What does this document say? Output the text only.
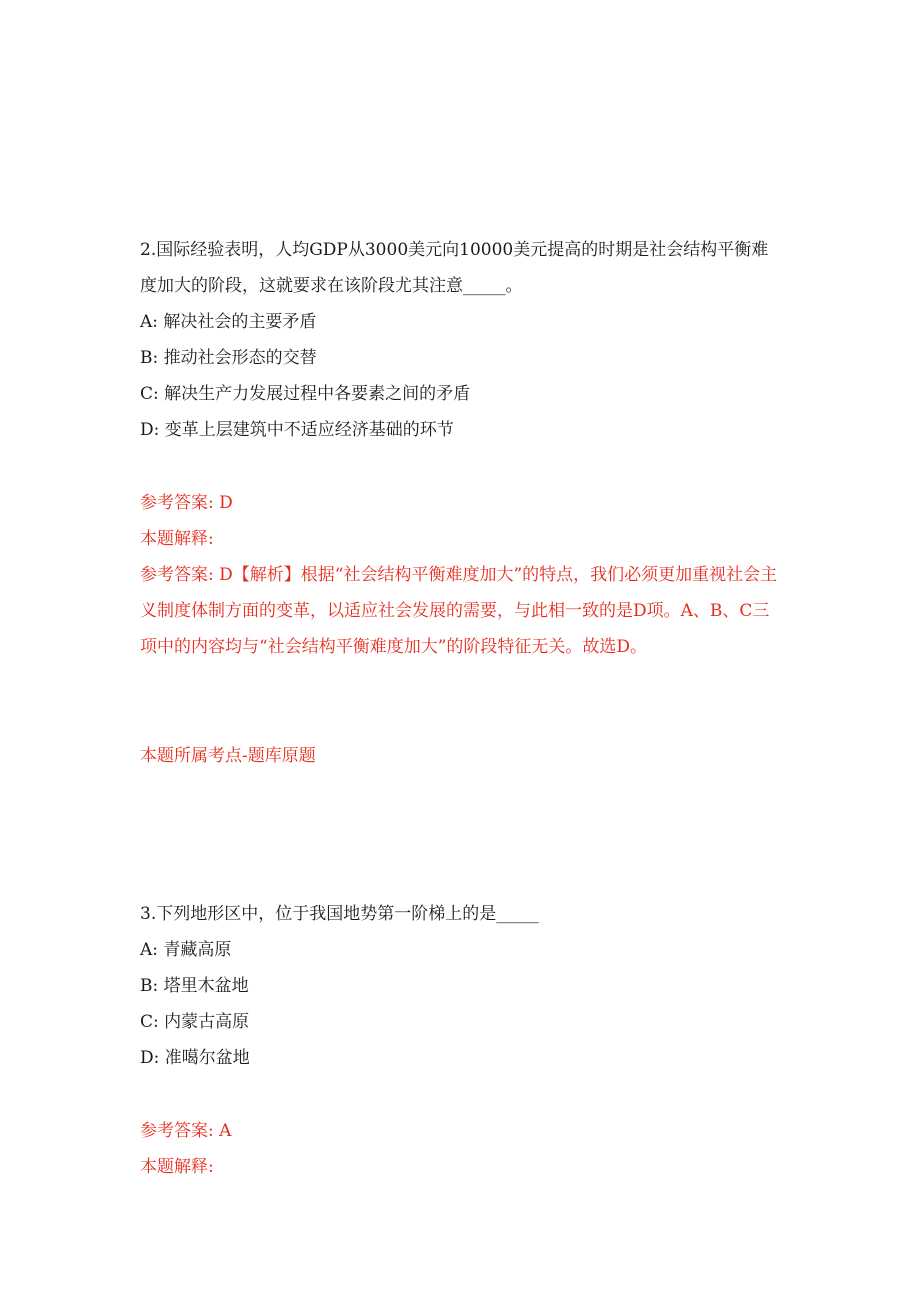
2.国际经验表明，人均GDP从3000美元向10000美元提高的时期是社会结构平衡难度加大的阶段，这就要求在该阶段尤其注意_____。
A: 解决社会的主要矛盾
B: 推动社会形态的交替
C: 解决生产力发展过程中各要素之间的矛盾
D: 变革上层建筑中不适应经济基础的环节
参考答案: D
本题解释:
参考答案: D【解析】根据“社会结构平衡难度加大”的特点，我们必须更加重视社会主义制度体制方面的变革，以适应社会发展的需要，与此相一致的是D项。A、B、C三项中的内容均与“社会结构平衡难度加大”的阶段特征无关。故选D。
本题所属考点-题库原题
3.下列地形区中，位于我国地势第一阶梯上的是_____
A: 青藏高原
B: 塔里木盆地
C: 内蒙古高原
D: 准噶尔盆地
参考答案: A
本题解释:
